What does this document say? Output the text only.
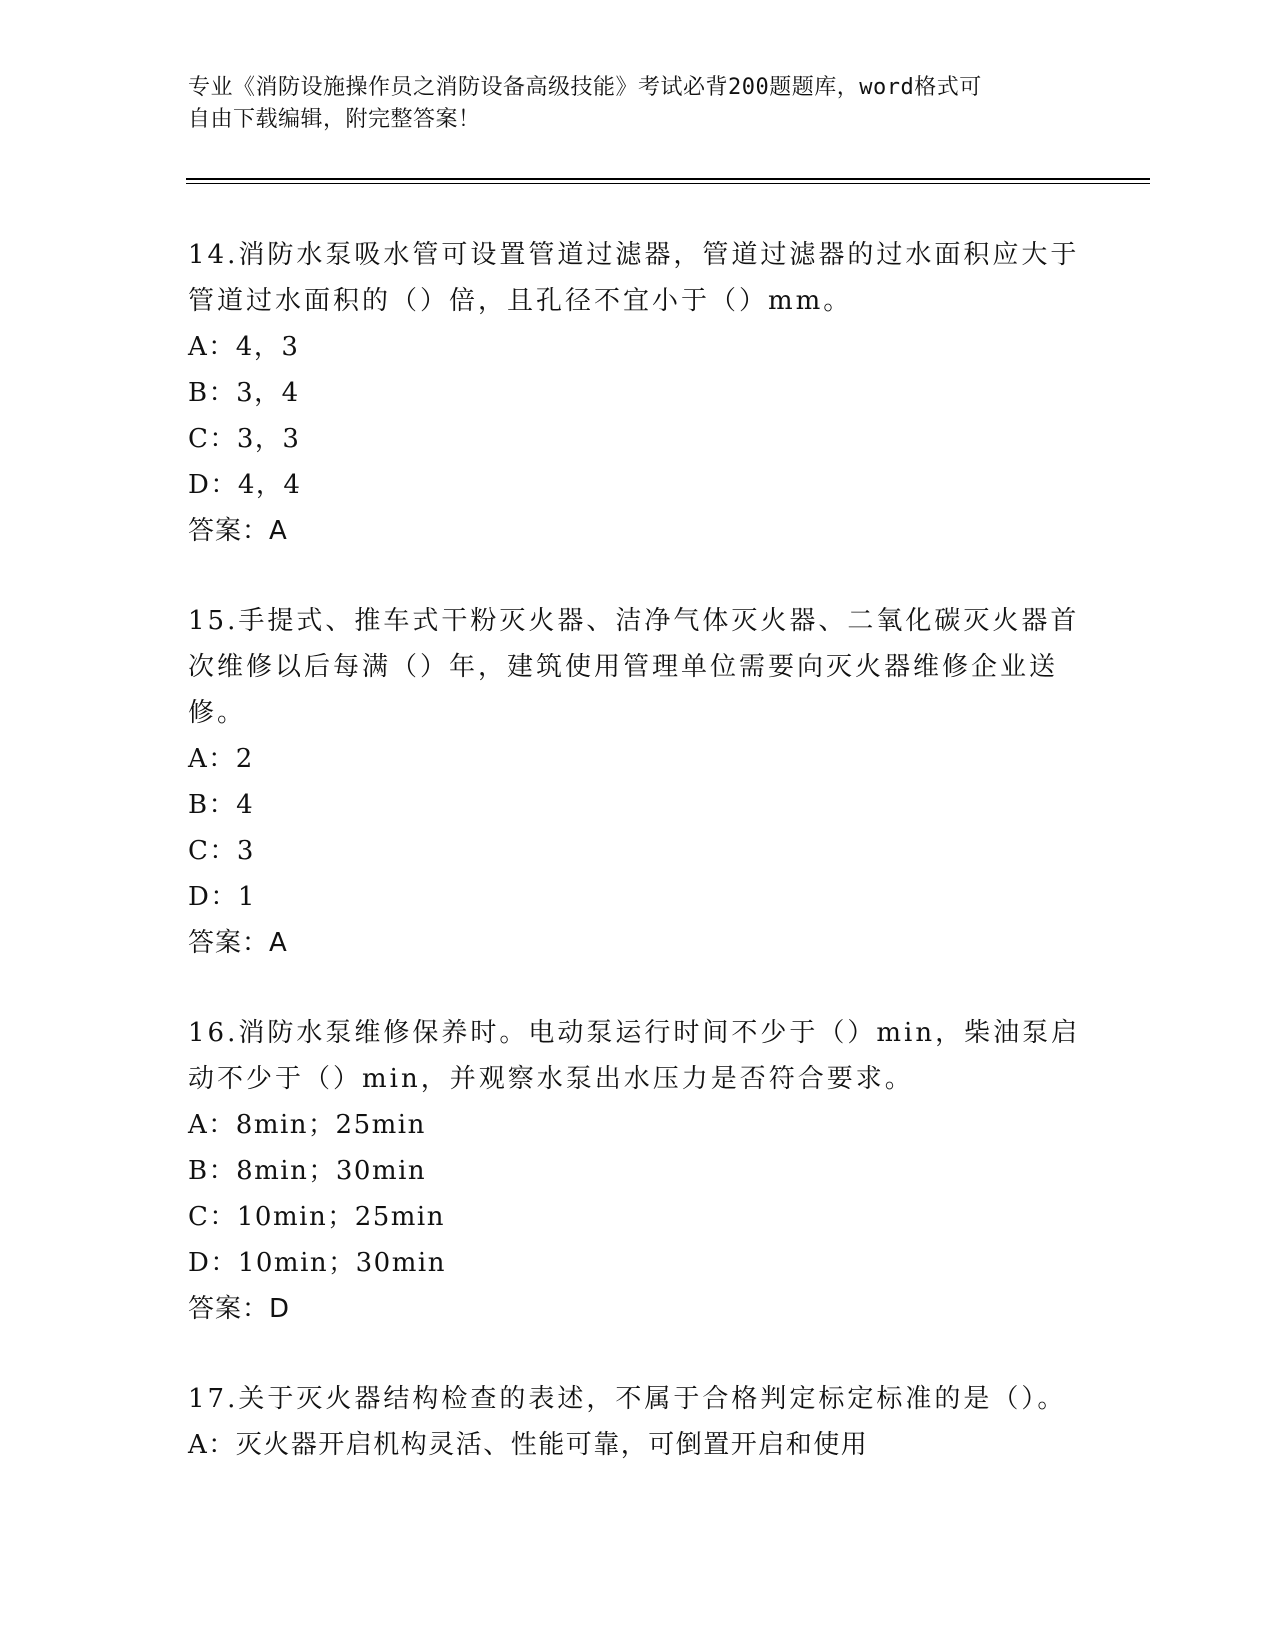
专业《消防设施操作员之消防设备高级技能》考试必背200题题库，word格式可
自由下载编辑，附完整答案！
14.消防水泵吸水管可设置管道过滤器，管道过滤器的过水面积应大于
管道过水面积的（）倍，且孔径不宜小于（）mm。
A：4，3
B：3，4
C：3，3
D：4，4
答案：A
15.手提式、推车式干粉灭火器、洁净气体灭火器、二氧化碳灭火器首
次维修以后每满（）年，建筑使用管理单位需要向灭火器维修企业送
修。
A：2
B：4
C：3
D：1
答案：A
16.消防水泵维修保养时。电动泵运行时间不少于（）min，柴油泵启
动不少于（）min，并观察水泵出水压力是否符合要求。
A：8min；25min
B：8min；30min
C：10min；25min
D：10min；30min
答案：D
17.关于灭火器结构检查的表述，不属于合格判定标定标准的是（）。
A：灭火器开启机构灵活、性能可靠，可倒置开启和使用
